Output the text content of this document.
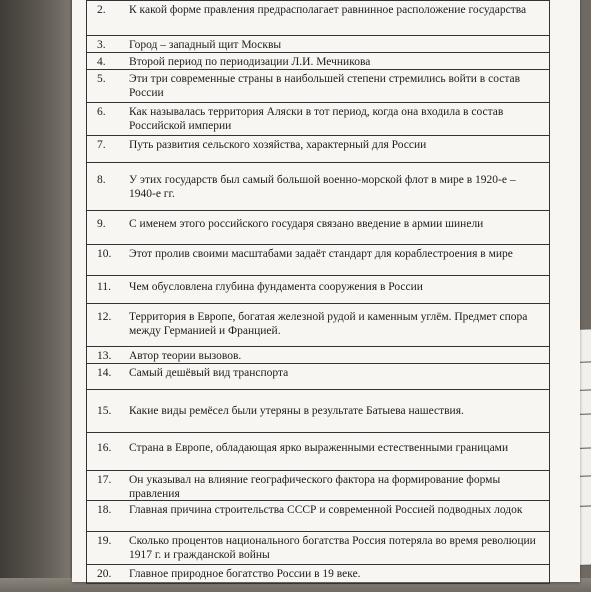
2.	К какой форме правления предрасполагает равнинное расположение государства
3.	Город – западный щит Москвы
4.	Второй период по периодизации Л.И. Мечникова
5.	Эти три современные страны в наибольшей степени стремились войти в состав России
6.	Как называлась территория Аляски в тот период, когда она входила в состав Российской империи
7.	Путь развития сельского хозяйства, характерный для России
8.	У этих государств был самый большой военно-морской флот в мире в 1920-е – 1940-е гг.
9.	С именем этого российского государя связано введение в армии шинели
10.	Этот пролив своими масштабами задаёт стандарт для кораблестроения в мире
11.	Чем обусловлена глубина фундамента сооружения в России
12.	Территория в Европе, богатая железной рудой и каменным углём. Предмет спора между Германией и Францией.
13.	Автор теории вызовов.
14.	Самый дешёвый вид транспорта
15.	Какие виды ремёсел были утеряны в результате Батыева нашествия.
16.	Страна в Европе, обладающая ярко выраженными естественными границами
17.	Он указывал на влияние географического фактора на формирование формы правления
18.	Главная причина строительства СССР и современной Россией подводных лодок
19.	Сколько процентов национального богатства Россия потеряла во время революции 1917 г. и гражданской войны
20.	Главное природное богатство России в 19 веке.
